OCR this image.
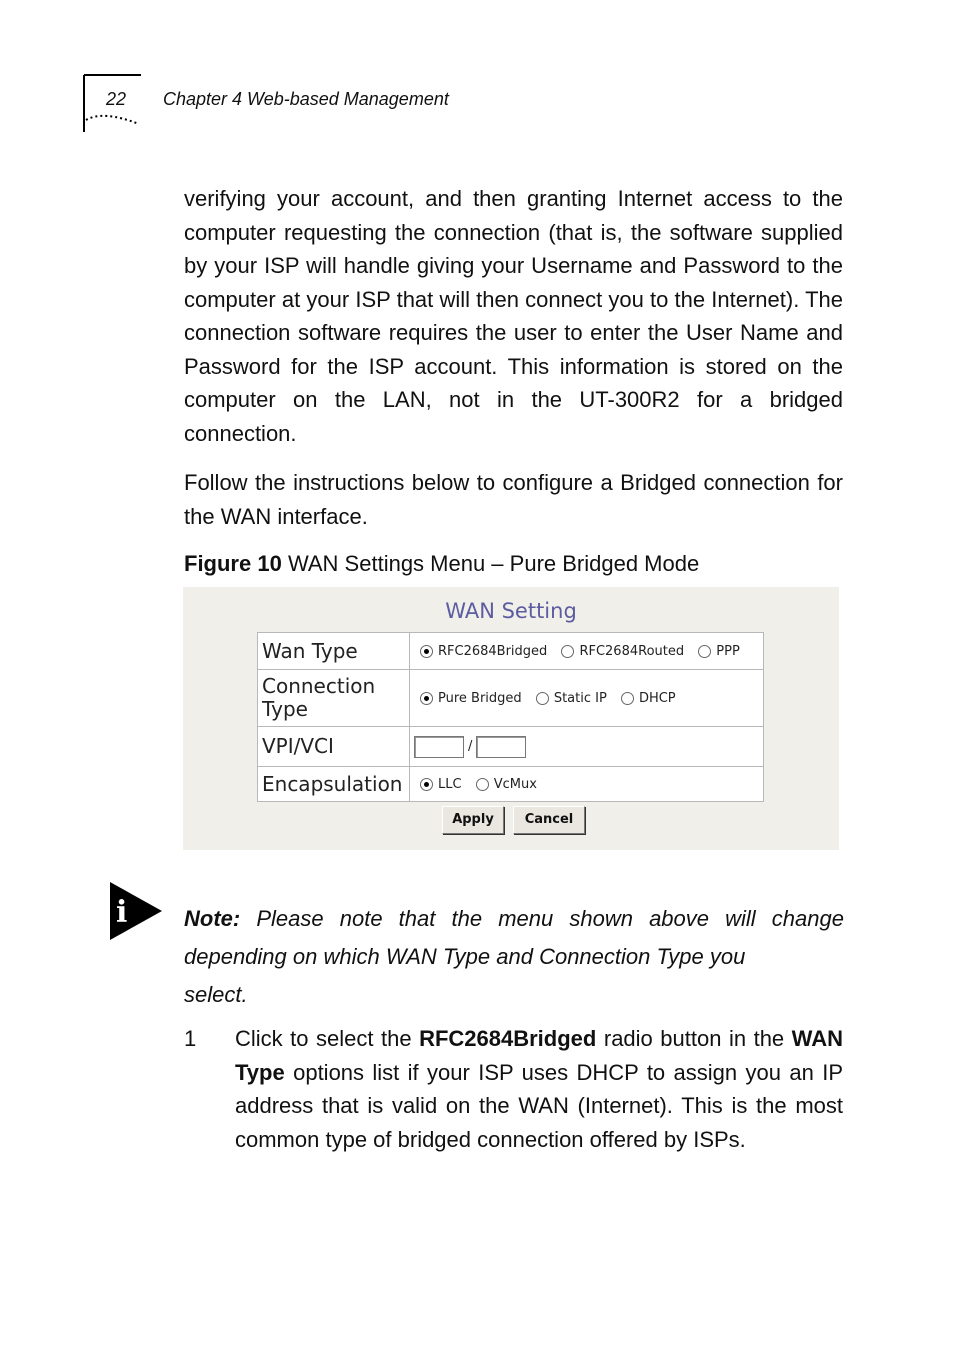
22 Chapter 4 Web-based Management

verifying your account, and then granting Internet access to the computer requesting the connection (that is, the software supplied by your ISP will handle giving your Username and Password to the computer at your ISP that will then connect you to the Internet). The connection software requires the user to enter the User Name and Password for the ISP account. This information is stored on the computer on the LAN, not in the UT-300R2 for a bridged connection.

Follow the instructions below to configure a Bridged connection for the WAN interface.

Figure 10 WAN Settings Menu – Pure Bridged Mode
WAN Setting
Wan Type	RFC2684Bridged RFC2684Routed PPP
Connection Type	Pure Bridged Static IP DHCP
VPI/VCI	/
Encapsulation	LLC VcMux
Apply	Cancel
i	Note: Please note that the menu shown above will change depending on which WAN Type and Connection Type you

select.
1 Click to select the RFC2684Bridged radio button in the WAN Type options list if your ISP uses DHCP to assign you an IP address that is valid on the WAN (Internet). This is the most common type of bridged connection offered by ISPs.
